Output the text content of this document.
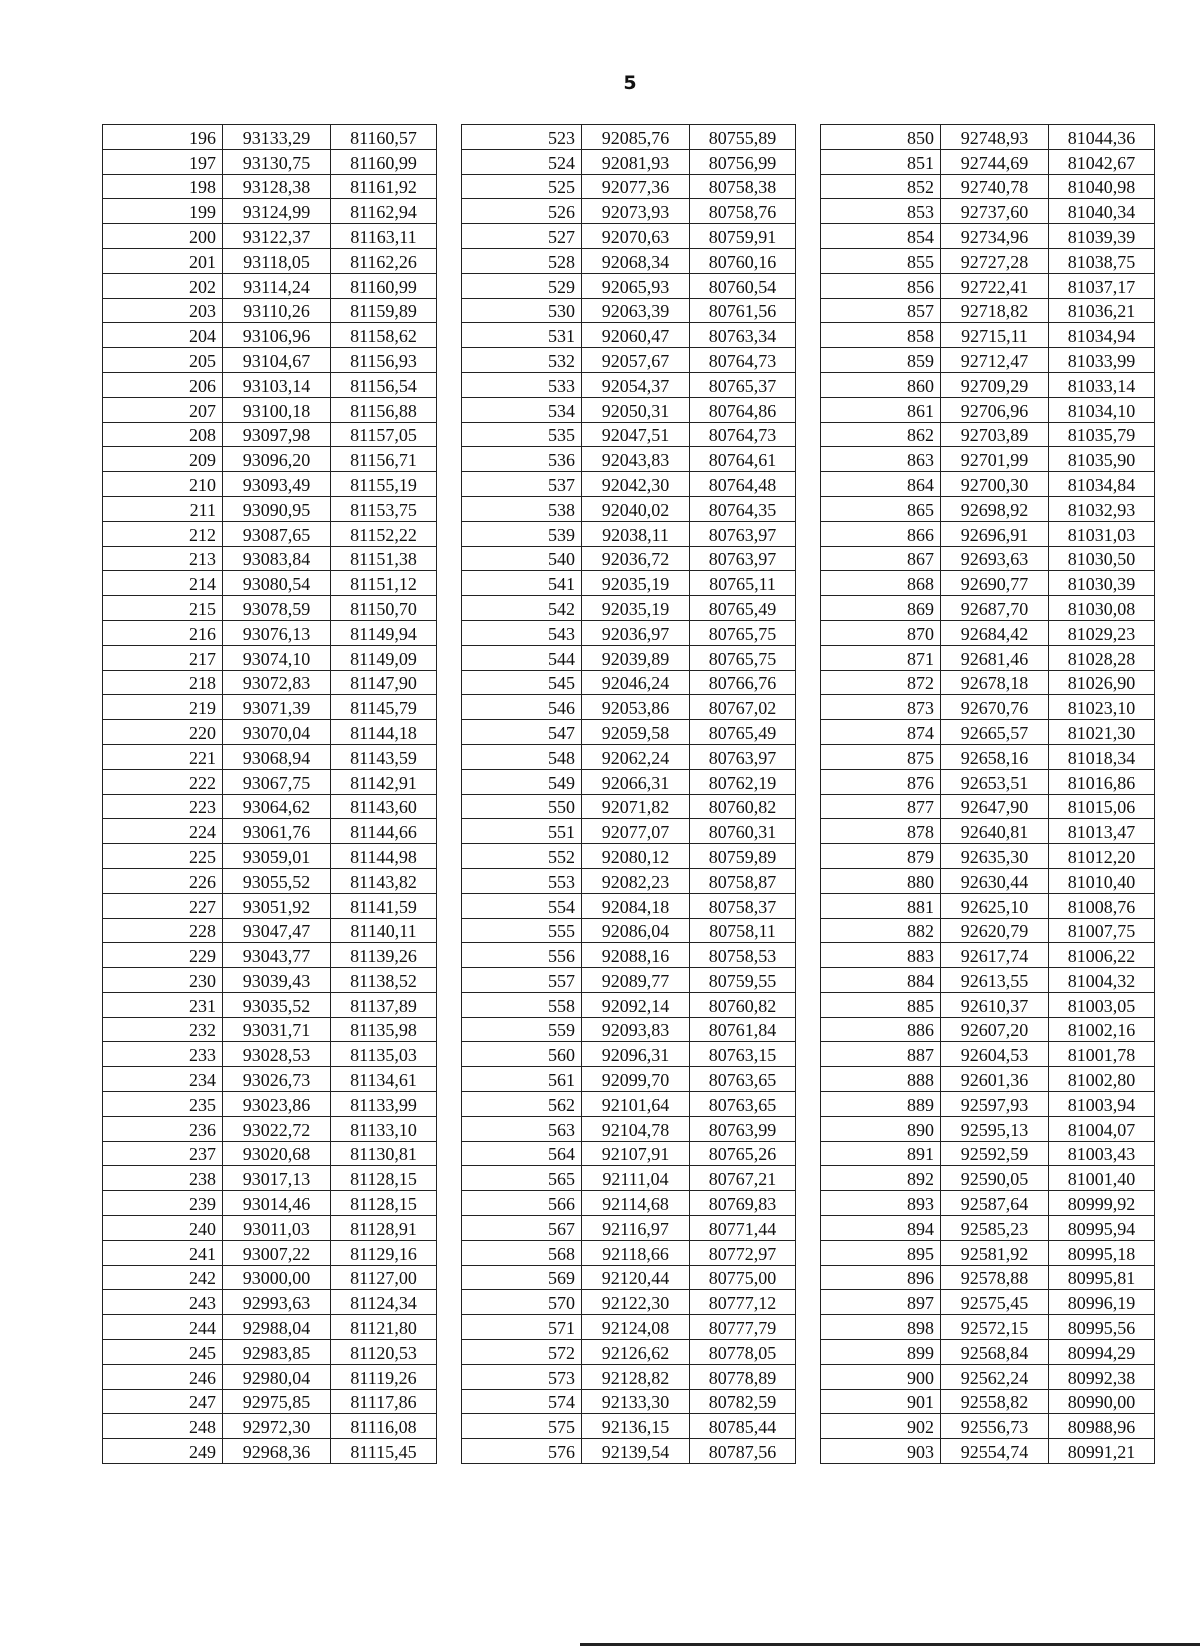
5
196	93133,29	81160,57
197	93130,75	81160,99
198	93128,38	81161,92
199	93124,99	81162,94
200	93122,37	81163,11
201	93118,05	81162,26
202	93114,24	81160,99
203	93110,26	81159,89
204	93106,96	81158,62
205	93104,67	81156,93
206	93103,14	81156,54
207	93100,18	81156,88
208	93097,98	81157,05
209	93096,20	81156,71
210	93093,49	81155,19
211	93090,95	81153,75
212	93087,65	81152,22
213	93083,84	81151,38
214	93080,54	81151,12
215	93078,59	81150,70
216	93076,13	81149,94
217	93074,10	81149,09
218	93072,83	81147,90
219	93071,39	81145,79
220	93070,04	81144,18
221	93068,94	81143,59
222	93067,75	81142,91
223	93064,62	81143,60
224	93061,76	81144,66
225	93059,01	81144,98
226	93055,52	81143,82
227	93051,92	81141,59
228	93047,47	81140,11
229	93043,77	81139,26
230	93039,43	81138,52
231	93035,52	81137,89
232	93031,71	81135,98
233	93028,53	81135,03
234	93026,73	81134,61
235	93023,86	81133,99
236	93022,72	81133,10
237	93020,68	81130,81
238	93017,13	81128,15
239	93014,46	81128,15
240	93011,03	81128,91
241	93007,22	81129,16
242	93000,00	81127,00
243	92993,63	81124,34
244	92988,04	81121,80
245	92983,85	81120,53
246	92980,04	81119,26
247	92975,85	81117,86
248	92972,30	81116,08
249	92968,36	81115,45
523	92085,76	80755,89
524	92081,93	80756,99
525	92077,36	80758,38
526	92073,93	80758,76
527	92070,63	80759,91
528	92068,34	80760,16
529	92065,93	80760,54
530	92063,39	80761,56
531	92060,47	80763,34
532	92057,67	80764,73
533	92054,37	80765,37
534	92050,31	80764,86
535	92047,51	80764,73
536	92043,83	80764,61
537	92042,30	80764,48
538	92040,02	80764,35
539	92038,11	80763,97
540	92036,72	80763,97
541	92035,19	80765,11
542	92035,19	80765,49
543	92036,97	80765,75
544	92039,89	80765,75
545	92046,24	80766,76
546	92053,86	80767,02
547	92059,58	80765,49
548	92062,24	80763,97
549	92066,31	80762,19
550	92071,82	80760,82
551	92077,07	80760,31
552	92080,12	80759,89
553	92082,23	80758,87
554	92084,18	80758,37
555	92086,04	80758,11
556	92088,16	80758,53
557	92089,77	80759,55
558	92092,14	80760,82
559	92093,83	80761,84
560	92096,31	80763,15
561	92099,70	80763,65
562	92101,64	80763,65
563	92104,78	80763,99
564	92107,91	80765,26
565	92111,04	80767,21
566	92114,68	80769,83
567	92116,97	80771,44
568	92118,66	80772,97
569	92120,44	80775,00
570	92122,30	80777,12
571	92124,08	80777,79
572	92126,62	80778,05
573	92128,82	80778,89
574	92133,30	80782,59
575	92136,15	80785,44
576	92139,54	80787,56
850	92748,93	81044,36
851	92744,69	81042,67
852	92740,78	81040,98
853	92737,60	81040,34
854	92734,96	81039,39
855	92727,28	81038,75
856	92722,41	81037,17
857	92718,82	81036,21
858	92715,11	81034,94
859	92712,47	81033,99
860	92709,29	81033,14
861	92706,96	81034,10
862	92703,89	81035,79
863	92701,99	81035,90
864	92700,30	81034,84
865	92698,92	81032,93
866	92696,91	81031,03
867	92693,63	81030,50
868	92690,77	81030,39
869	92687,70	81030,08
870	92684,42	81029,23
871	92681,46	81028,28
872	92678,18	81026,90
873	92670,76	81023,10
874	92665,57	81021,30
875	92658,16	81018,34
876	92653,51	81016,86
877	92647,90	81015,06
878	92640,81	81013,47
879	92635,30	81012,20
880	92630,44	81010,40
881	92625,10	81008,76
882	92620,79	81007,75
883	92617,74	81006,22
884	92613,55	81004,32
885	92610,37	81003,05
886	92607,20	81002,16
887	92604,53	81001,78
888	92601,36	81002,80
889	92597,93	81003,94
890	92595,13	81004,07
891	92592,59	81003,43
892	92590,05	81001,40
893	92587,64	80999,92
894	92585,23	80995,94
895	92581,92	80995,18
896	92578,88	80995,81
897	92575,45	80996,19
898	92572,15	80995,56
899	92568,84	80994,29
900	92562,24	80992,38
901	92558,82	80990,00
902	92556,73	80988,96
903	92554,74	80991,21
